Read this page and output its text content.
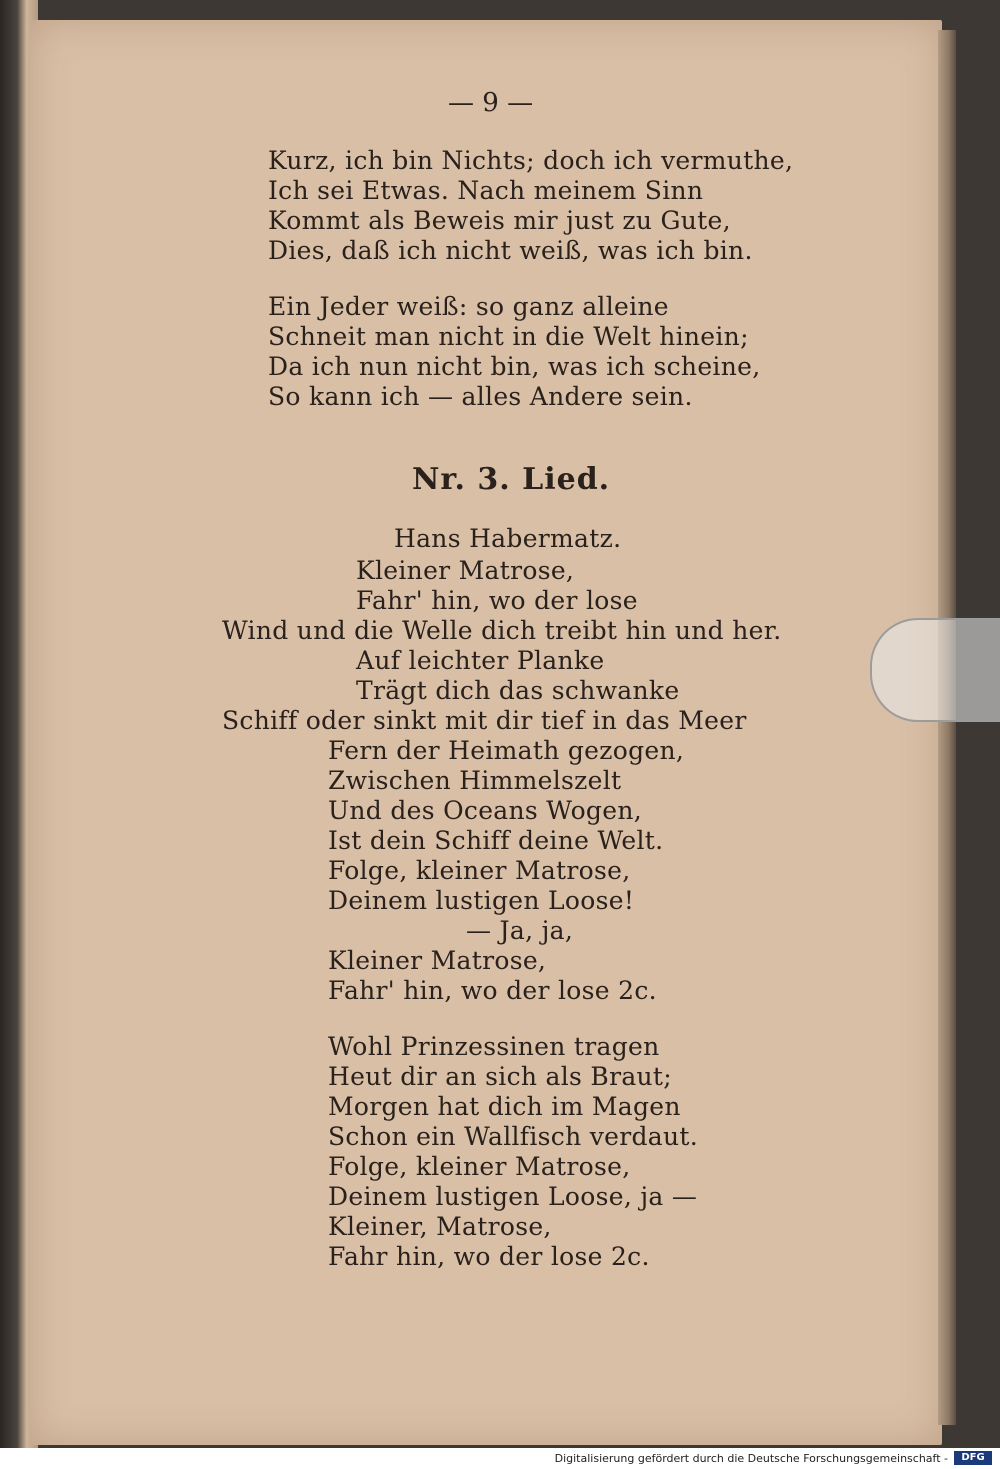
— 9 —
Kurz, ich bin Nichts; doch ich vermuthe,
Ich sei Etwas. Nach meinem Sinn
Kommt als Beweis mir just zu Gute,
Dies, daß ich nicht weiß, was ich bin.
Ein Jeder weiß: so ganz alleine
Schneit man nicht in die Welt hinein;
Da ich nun nicht bin, was ich scheine,
So kann ich — alles Andere sein.
Nr. 3. Lied.
Hans Habermatz.
Kleiner Matrose,
Fahr' hin, wo der lose
Wind und die Welle dich treibt hin und her.
Auf leichter Planke
Trägt dich das schwanke
Schiff oder sinkt mit dir tief in das Meer
Fern der Heimath gezogen,
Zwischen Himmelszelt
Und des Oceans Wogen,
Ist dein Schiff deine Welt.
Folge, kleiner Matrose,
Deinem lustigen Loose!
— Ja, ja,
Kleiner Matrose,
Fahr' hin, wo der lose 2c.
Wohl Prinzessinen tragen
Heut dir an sich als Braut;
Morgen hat dich im Magen
Schon ein Wallfisch verdaut.
Folge, kleiner Matrose,
Deinem lustigen Loose, ja —
Kleiner, Matrose,
Fahr hin, wo der lose 2c.
Digitalisierung gefördert durch die Deutsche Forschungsgemeinschaft -	DFG
